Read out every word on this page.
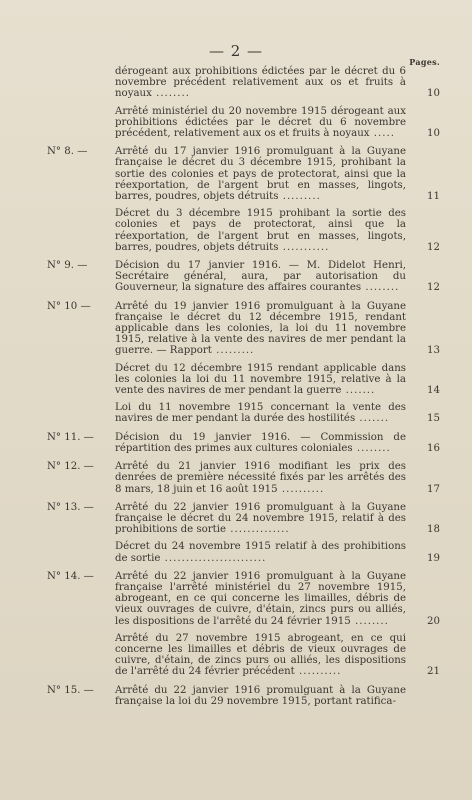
— 2 —
Pages.
dérogeant aux prohibitions édictées par le décret du 6 novembre précédent relativement aux os et fruits à noyaux ........	10
Arrêté ministériel du 20 novembre 1915 dérogeant aux prohibitions édictées par le décret du 6 novembre précédent, relativement aux os et fruits à noyaux .....	10
N° 8. —	Arrêté du 17 janvier 1916 promulguant à la Guyane française le décret du 3 décembre 1915, prohibant la sortie des colonies et pays de protectorat, ainsi que la réexportation, de l'argent brut en masses, lingots, barres, poudres, objets détruits .........	11
Décret du 3 décembre 1915 prohibant la sortie des colonies et pays de protectorat, ainsi que la réexportation, de l'argent brut en masses, lingots, barres, poudres, objets détruits ...........	12
N° 9. —	Décision du 17 janvier 1916. — M. Didelot Henri, Secrétaire général, aura, par autorisation du Gouverneur, la signature des affaires courantes ........	12
N° 10 — Arrêté du 19 janvier 1916 promulguant à la Guyane française le décret du 12 décembre 1915, rendant applicable dans les colonies, la loi du 11 novembre 1915, relative à la vente des navires de mer pendant la guerre. — Rapport .........	13
Décret du 12 décembre 1915 rendant applicable dans les colonies la loi du 11 novembre 1915, relative à la vente des navires de mer pendant la guerre .......	14
Loi du 11 novembre 1915 concernant la vente des navires de mer pendant la durée des hostilités .......	15
N° 11. — Décision du 19 janvier 1916. — Commission de répartition des primes aux cultures coloniales ........	16
N° 12. — Arrêté du 21 janvier 1916 modifiant les prix des denrées de première nécessité fixés par les arrêtés des 8 mars, 18 juin et 16 août 1915 ..........	17
N° 13. — Arrêté du 22 janvier 1916 promulguant à la Guyane française le décret du 24 novembre 1915, relatif à des prohibitions de sortie ..............	18
Décret du 24 novembre 1915 relatif à des prohibitions de sortie ........................	19
N° 14. — Arrêté du 22 janvier 1916 promulguant à la Guyane française l'arrêté ministériel du 27 novembre 1915, abrogeant, en ce qui concerne les limailles, débris de vieux ouvrages de cuivre, d'étain, zincs purs ou alliés, les dispositions de l'arrêté du 24 février 1915 ........	20
Arrêté du 27 novembre 1915 abrogeant, en ce qui concerne les limailles et débris de vieux ouvrages de cuivre, d'étain, de zincs purs ou alliés, les dispositions de l'arrêté du 24 février précédent ..........	21
N° 15. — Arrêté du 22 janvier 1916 promulguant à la Guyane française la loi du 29 novembre 1915, portant ratifica-
